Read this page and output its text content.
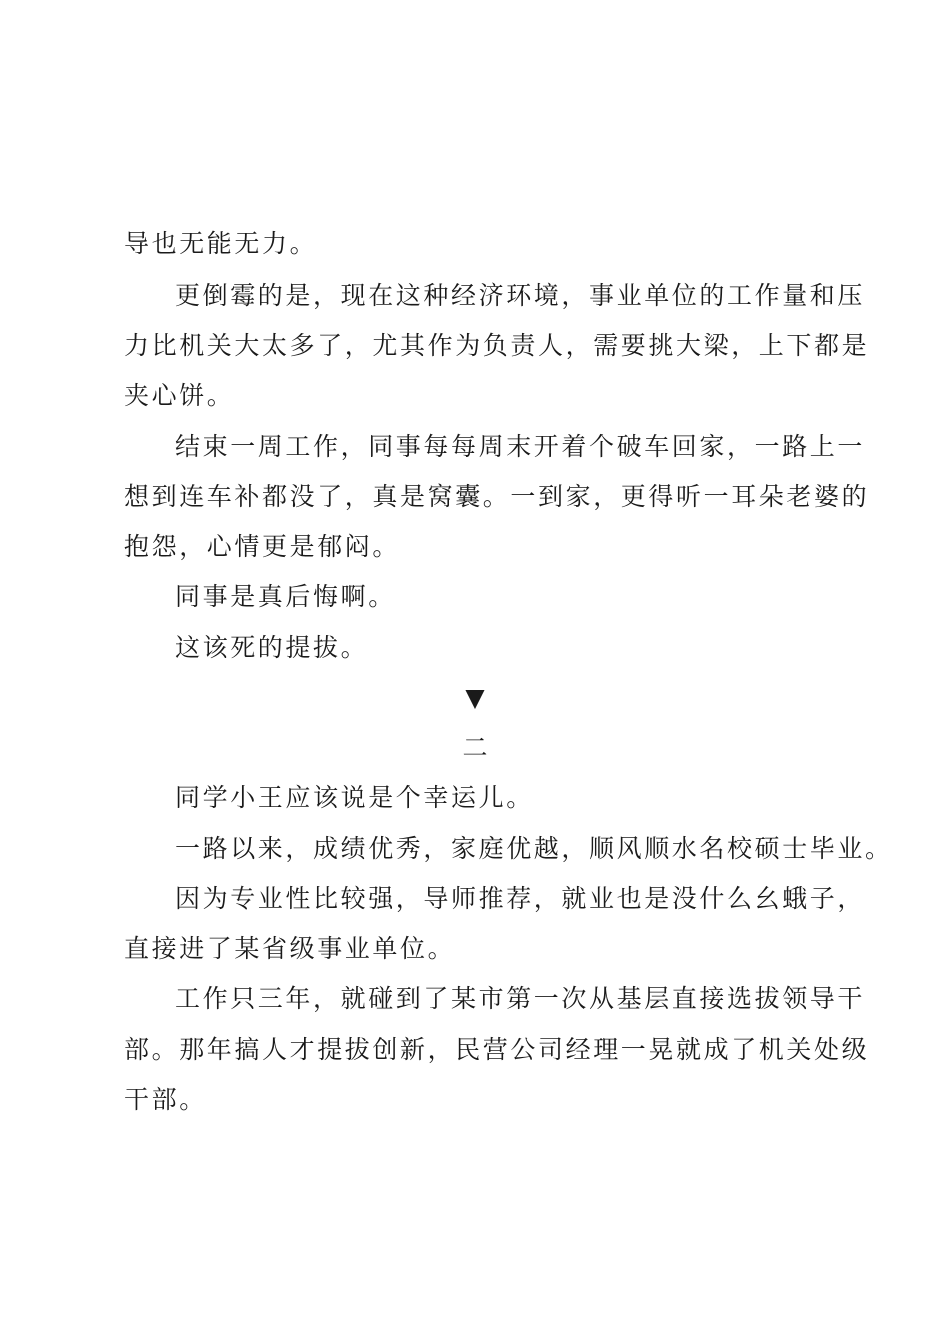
导也无能无力。
更倒霉的是，现在这种经济环境，事业单位的工作量和压
力比机关大太多了，尤其作为负责人，需要挑大梁，上下都是
夹心饼。
结束一周工作，同事每每周末开着个破车回家，一路上一
想到连车补都没了，真是窝囊。一到家，更得听一耳朵老婆的
抱怨，心情更是郁闷。
同事是真后悔啊。
这该死的提拔。
▼
二
同学小王应该说是个幸运儿。
一路以来，成绩优秀，家庭优越，顺风顺水名校硕士毕业。
因为专业性比较强，导师推荐，就业也是没什么幺蛾子，
直接进了某省级事业单位。
工作只三年，就碰到了某市第一次从基层直接选拔领导干
部。那年搞人才提拔创新，民营公司经理一晃就成了机关处级
干部。
